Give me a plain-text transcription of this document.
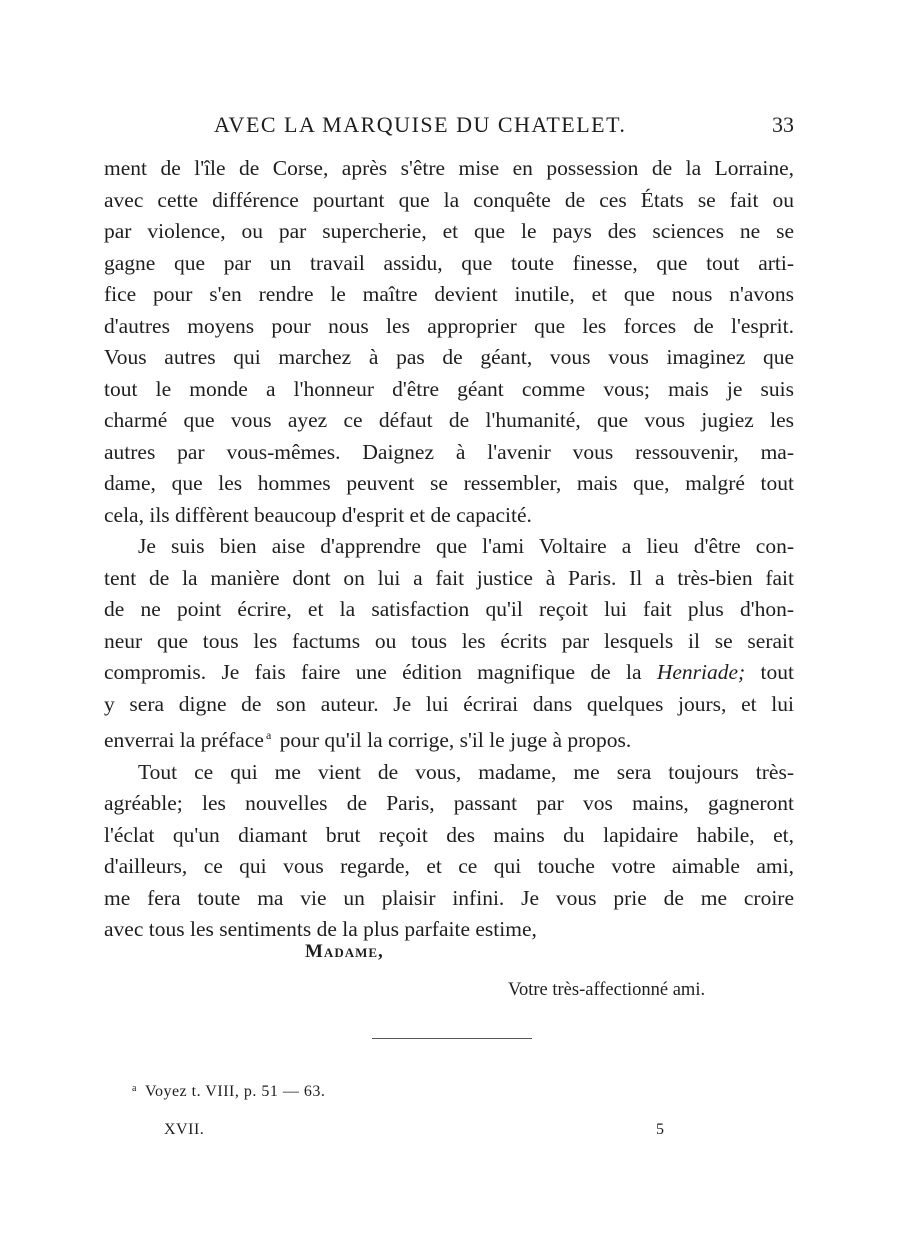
AVEC LA MARQUISE DU CHATELET.	33

ment de l'île de Corse, après s'être mise en possession de la Lorraine,

avec cette différence pourtant que la conquête de ces États se fait ou

par violence, ou par supercherie, et que le pays des sciences ne se

gagne que par un travail assidu, que toute finesse, que tout arti-

fice pour s'en rendre le maître devient inutile, et que nous n'avons

d'autres moyens pour nous les approprier que les forces de l'esprit.

Vous autres qui marchez à pas de géant, vous vous imaginez que

tout le monde a l'honneur d'être géant comme vous; mais je suis

charmé que vous ayez ce défaut de l'humanité, que vous jugiez les

autres par vous-mêmes. Daignez à l'avenir vous ressouvenir, ma-

dame, que les hommes peuvent se ressembler, mais que, malgré tout

cela, ils diffèrent beaucoup d'esprit et de capacité.

Je suis bien aise d'apprendre que l'ami Voltaire a lieu d'être con-

tent de la manière dont on lui a fait justice à Paris. Il a très-bien fait

de ne point écrire, et la satisfaction qu'il reçoit lui fait plus d'hon-

neur que tous les factums ou tous les écrits par lesquels il se serait

compromis. Je fais faire une édition magnifique de la Henriade; tout

y sera digne de son auteur. Je lui écrirai dans quelques jours, et lui

enverrai la préface $^a$ pour qu'il la corrige, s'il le juge à propos.

Tout ce qui me vient de vous, madame, me sera toujours très-

agréable; les nouvelles de Paris, passant par vos mains, gagneront

l'éclat qu'un diamant brut reçoit des mains du lapidaire habile, et,

d'ailleurs, ce qui vous regarde, et ce qui touche votre aimable ami,

me fera toute ma vie un plaisir infini. Je vous prie de me croire

avec tous les sentiments de la plus parfaite estime,

Madame,
Votre très-affectionné ami.
$^a$ Voyez t. VIII, p. 51 — 63.
XVII.	5
